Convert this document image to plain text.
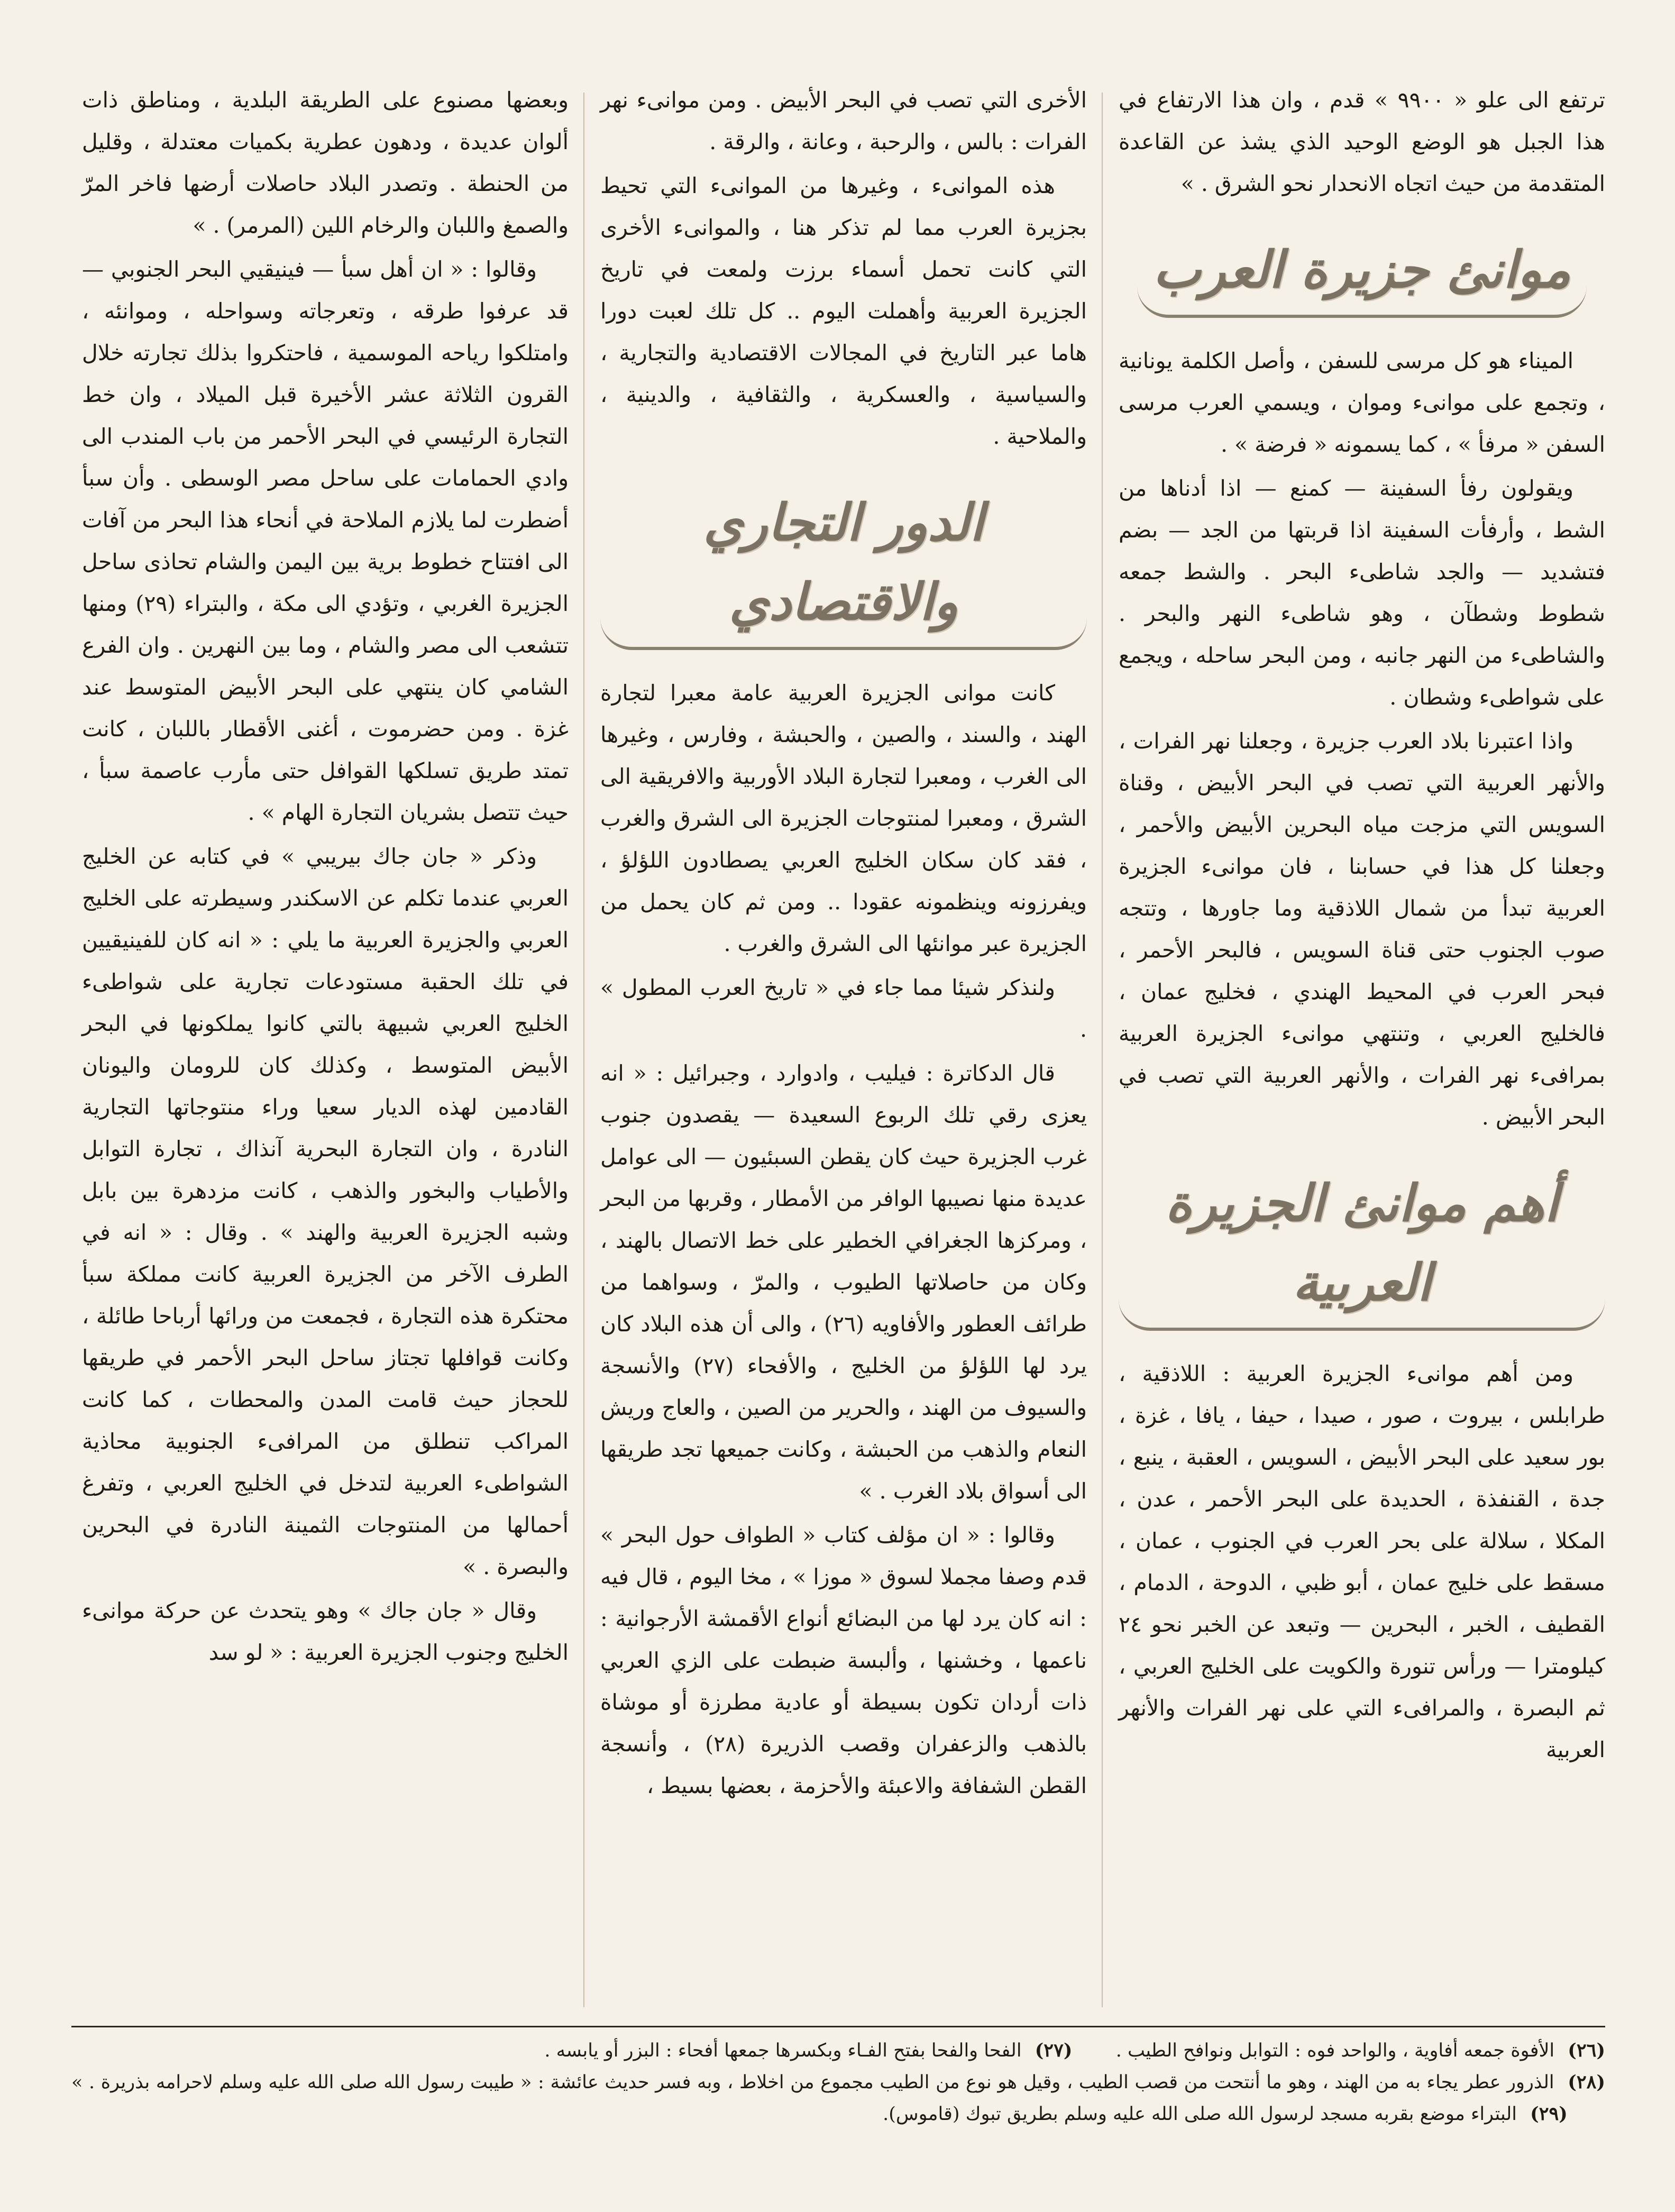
ترتفع الى علو « ٩٩٠٠ » قدم ، وان هذا الارتفاع في هذا الجبل هو الوضع الوحيد الذي يشذ عن القاعدة المتقدمة من حيث اتجاه الانحدار نحو الشرق . »

موانئ جزيرة العرب

الميناء هو كل مرسى للسفن ، وأصل الكلمة يونانية ، وتجمع على موانىء وموان ، ويسمي العرب مرسى السفن « مرفأ » ، كما يسمونه « فرضة » .

ويقولون رفأ السفينة — كمنع — اذا أدناها من الشط ، وأرفأت السفينة اذا قربتها من الجد — بضم فتشديد — والجد شاطىء البحر . والشط جمعه شطوط وشطآن ، وهو شاطىء النهر والبحر . والشاطىء من النهر جانبه ، ومن البحر ساحله ، ويجمع على شواطىء وشطان .

واذا اعتبرنا بلاد العرب جزيرة ، وجعلنا نهر الفرات ، والأنهر العربية التي تصب في البحر الأبيض ، وقناة السويس التي مزجت مياه البحرين الأبيض والأحمر ، وجعلنا كل هذا في حسابنا ، فان موانىء الجزيرة العربية تبدأ من شمال اللاذقية وما جاورها ، وتتجه صوب الجنوب حتى قناة السويس ، فالبحر الأحمر ، فبحر العرب في المحيط الهندي ، فخليج عمان ، فالخليج العربي ، وتنتهي موانىء الجزيرة العربية بمرافىء نهر الفرات ، والأنهر العربية التي تصب في البحر الأبيض .

أهم موانئ الجزيرة العربية

ومن أهم موانىء الجزيرة العربية : اللاذقية ، طرابلس ، بيروت ، صور ، صيدا ، حيفا ، يافا ، غزة ، بور سعيد على البحر الأبيض ، السويس ، العقبة ، ينبع ، جدة ، القنفذة ، الحديدة على البحر الأحمر ، عدن ، المكلا ، سلالة على بحر العرب في الجنوب ، عمان ، مسقط على خليج عمان ، أبو ظبي ، الدوحة ، الدمام ، القطيف ، الخبر ، البحرين — وتبعد عن الخبر نحو ٢٤ كيلومترا — ورأس تنورة والكويت على الخليج العربي ، ثم البصرة ، والمرافىء التي على نهر الفرات والأنهر العربية

الأخرى التي تصب في البحر الأبيض . ومن موانىء نهر الفرات : بالس ، والرحبة ، وعانة ، والرقة .

هذه الموانىء ، وغيرها من الموانىء التي تحيط بجزيرة العرب مما لم تذكر هنا ، والموانىء الأخرى التي كانت تحمل أسماء برزت ولمعت في تاريخ الجزيرة العربية وأهملت اليوم .. كل تلك لعبت دورا هاما عبر التاريخ في المجالات الاقتصادية والتجارية ، والسياسية ، والعسكرية ، والثقافية ، والدينية ، والملاحية .

الدور التجاري والاقتصادي

كانت موانى الجزيرة العربية عامة معبرا لتجارة الهند ، والسند ، والصين ، والحبشة ، وفارس ، وغيرها الى الغرب ، ومعبرا لتجارة البلاد الأوربية والافريقية الى الشرق ، ومعبرا لمنتوجات الجزيرة الى الشرق والغرب ، فقد كان سكان الخليج العربي يصطادون اللؤلؤ ، ويفرزونه وينظمونه عقودا .. ومن ثم كان يحمل من الجزيرة عبر موانئها الى الشرق والغرب .

ولنذكر شيئا مما جاء في « تاريخ العرب المطول » .

قال الدكاترة : فيليب ، وادوارد ، وجبرائيل : « انه يعزى رقي تلك الربوع السعيدة — يقصدون جنوب غرب الجزيرة حيث كان يقطن السبئيون — الى عوامل عديدة منها نصيبها الوافر من الأمطار ، وقربها من البحر ، ومركزها الجغرافي الخطير على خط الاتصال بالهند ، وكان من حاصلاتها الطيوب ، والمرّ ، وسواهما من طرائف العطور والأفاويه (٢٦) ، والى أن هذه البلاد كان يرد لها اللؤلؤ من الخليج ، والأفحاء (٢٧) والأنسجة والسيوف من الهند ، والحرير من الصين ، والعاج وريش النعام والذهب من الحبشة ، وكانت جميعها تجد طريقها الى أسواق بلاد الغرب . »

وقالوا : « ان مؤلف كتاب « الطواف حول البحر » قدم وصفا مجملا لسوق « موزا » ، مخا اليوم ، قال فيه : انه كان يرد لها من البضائع أنواع الأقمشة الأرجوانية : ناعمها ، وخشنها ، وألبسة ضبطت على الزي العربي ذات أردان تكون بسيطة أو عادية مطرزة أو موشاة بالذهب والزعفران وقصب الذريرة (٢٨) ، وأنسجة القطن الشفافة والاعبئة والأحزمة ، بعضها بسيط ،

وبعضها مصنوع على الطريقة البلدية ، ومناطق ذات ألوان عديدة ، ودهون عطرية بكميات معتدلة ، وقليل من الحنطة . وتصدر البلاد حاصلات أرضها فاخر المرّ والصمغ واللبان والرخام اللين (المرمر) . »

وقالوا : « ان أهل سبأ — فينيقيي البحر الجنوبي — قد عرفوا طرقه ، وتعرجاته وسواحله ، وموانئه ، وامتلكوا رياحه الموسمية ، فاحتكروا بذلك تجارته خلال القرون الثلاثة عشر الأخيرة قبل الميلاد ، وان خط التجارة الرئيسي في البحر الأحمر من باب المندب الى وادي الحمامات على ساحل مصر الوسطى . وأن سبأ أضطرت لما يلازم الملاحة في أنحاء هذا البحر من آفات الى افتتاح خطوط برية بين اليمن والشام تحاذى ساحل الجزيرة الغربي ، وتؤدي الى مكة ، والبتراء (٢٩) ومنها تتشعب الى مصر والشام ، وما بين النهرين . وان الفرع الشامي كان ينتهي على البحر الأبيض المتوسط عند غزة . ومن حضرموت ، أغنى الأقطار باللبان ، كانت تمتد طريق تسلكها القوافل حتى مأرب عاصمة سبأ ، حيث تتصل بشريان التجارة الهام » .

وذكر « جان جاك بيريبي » في كتابه عن الخليج العربي عندما تكلم عن الاسكندر وسيطرته على الخليج العربي والجزيرة العربية ما يلي : « انه كان للفينيقيين في تلك الحقبة مستودعات تجارية على شواطىء الخليج العربي شبيهة بالتي كانوا يملكونها في البحر الأبيض المتوسط ، وكذلك كان للرومان واليونان القادمين لهذه الديار سعيا وراء منتوجاتها التجارية النادرة ، وان التجارة البحرية آنذاك ، تجارة التوابل والأطياب والبخور والذهب ، كانت مزدهرة بين بابل وشبه الجزيرة العربية والهند » . وقال : « انه في الطرف الآخر من الجزيرة العربية كانت مملكة سبأ محتكرة هذه التجارة ، فجمعت من ورائها أرباحا طائلة ، وكانت قوافلها تجتاز ساحل البحر الأحمر في طريقها للحجاز حيث قامت المدن والمحطات ، كما كانت المراكب تنطلق من المرافىء الجنوبية محاذية الشواطىء العربية لتدخل في الخليج العربي ، وتفرغ أحمالها من المنتوجات الثمينة النادرة في البحرين والبصرة . »

وقال « جان جاك » وهو يتحدث عن حركة موانىء الخليج وجنوب الجزيرة العربية : « لو سد

(٢٦) الأفوة جمعه أفاوية ، والواحد فوه : التوابل ونوافح الطيب .  (٢٧) الفحا والفحا بفتح الفـاء وبكسرها جمعها أفحاء : البزر أو يابسه .

(٢٨) الذرور عطر يجاء به من الهند ، وهو ما أنتحت من قصب الطيب ، وقيل هو نوع من الطيب مجموع من اخلاط ، وبه فسر حديث عائشة : « طيبت رسول الله صلى الله عليه وسلم لاحرامه بذريرة . »  (٢٩) البتراء موضع بقربه مسجد لرسول الله صلى الله عليه وسلم بطريق تبوك (قاموس).
